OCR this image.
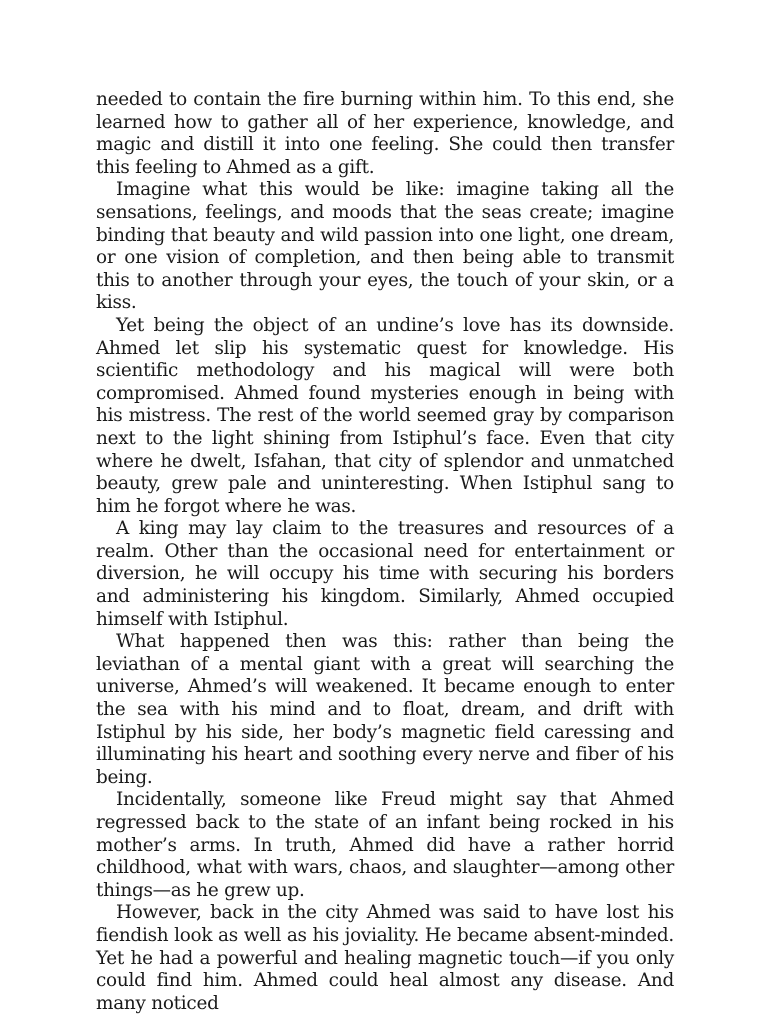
needed to contain the fire burning within him. To this end, she learned how to gather all of her experience, knowledge, and magic and distill it into one feeling. She could then transfer this feeling to Ahmed as a gift.

Imagine what this would be like: imagine taking all the sensations, feelings, and moods that the seas create; imagine binding that beauty and wild passion into one light, one dream, or one vision of completion, and then being able to transmit this to another through your eyes, the touch of your skin, or a kiss.

Yet being the object of an undine’s love has its downside. Ahmed let slip his systematic quest for knowledge. His scientific methodology and his magical will were both compromised. Ahmed found mysteries enough in being with his mistress. The rest of the world seemed gray by comparison next to the light shining from Istiphul’s face. Even that city where he dwelt, Isfahan, that city of splendor and unmatched beauty, grew pale and uninteresting. When Istiphul sang to him he forgot where he was.

A king may lay claim to the treasures and resources of a realm. Other than the occasional need for entertainment or diversion, he will occupy his time with securing his borders and administering his kingdom. Similarly, Ahmed occupied himself with Istiphul.

What happened then was this: rather than being the leviathan of a mental giant with a great will searching the universe, Ahmed’s will weakened. It became enough to enter the sea with his mind and to float, dream, and drift with Istiphul by his side, her body’s magnetic field caressing and illuminating his heart and soothing every nerve and fiber of his being.

Incidentally, someone like Freud might say that Ahmed regressed back to the state of an infant being rocked in his mother’s arms. In truth, Ahmed did have a rather horrid childhood, what with wars, chaos, and slaughter—among other things—as he grew up.

However, back in the city Ahmed was said to have lost his fiendish look as well as his joviality. He became absent-minded. Yet he had a powerful and healing magnetic touch—if you only could find him. Ahmed could heal almost any disease. And many noticed
